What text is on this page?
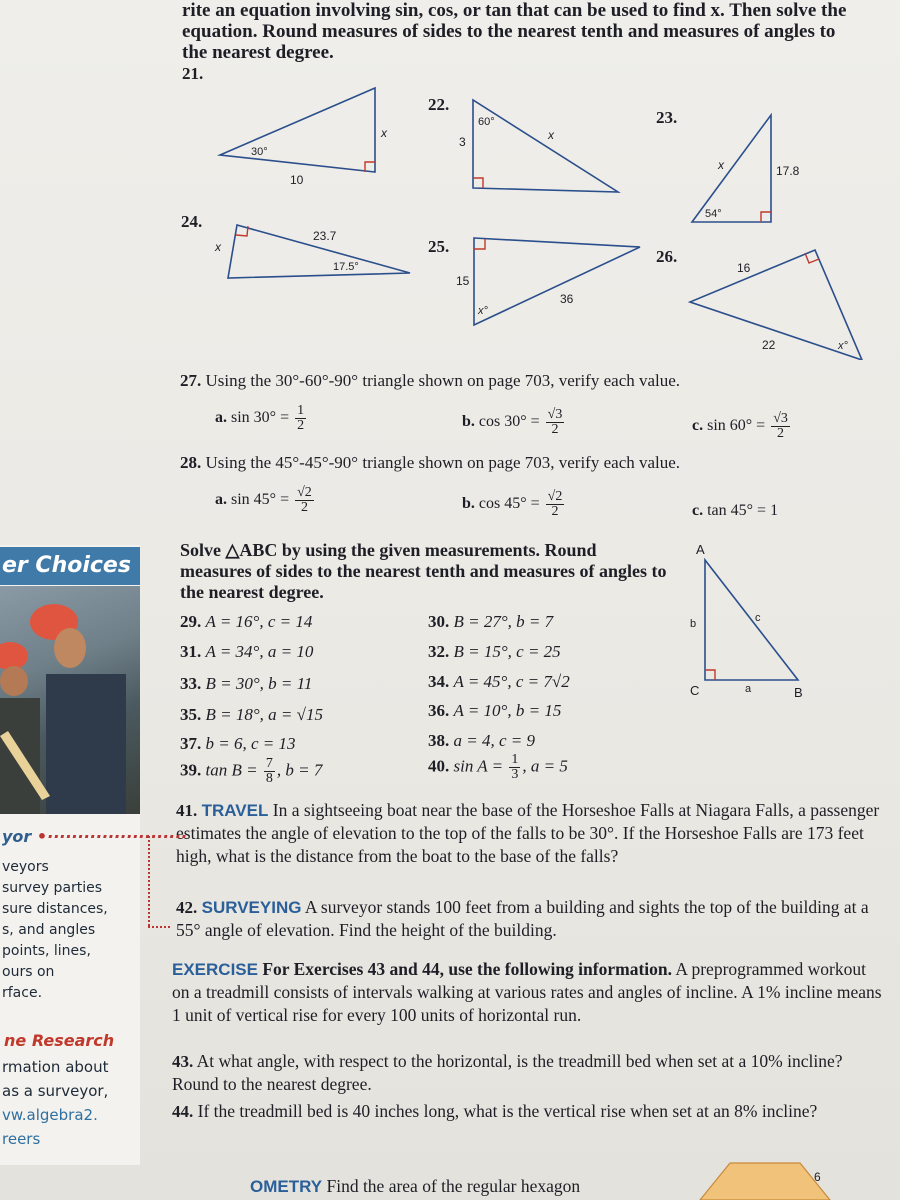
rite an equation involving sin, cos, or tan that can be used to find x. Then solve the equation. Round measures of sides to the nearest tenth and measures of angles to the nearest degree.
21.
30°
10
x
22.
60°
3	x
23.
54°
x	17.8
24.
17.5°
23.7
x	25.
x°
15
36
26.
x°
16
22
27. Using the 30°-60°-90° triangle shown on page 703, verify each value.
a. $\sin 30^\circ = \frac{1}{2}$	b. $\cos 30^\circ = \frac{√3}{2}$	c. $\sin 60^\circ = \frac{√3}{2}$
28. Using the 45°-45°-90° triangle shown on page 703, verify each value.
a. $\sin 45^\circ = \frac{√2}{2}$	b. $\cos 45^\circ = \frac{√2}{2}$	c. tan 45° = 1
Solve △ABC by using the given measurements. Round measures of sides to the nearest tenth and measures of angles to the nearest degree.
A
C	B
b	c
a
29. A = 16°, c = 14	30. B = 27°, b = 7
31. A = 34°, a = 10	32. B = 15°, c = 25
33. B = 30°, b = 11	34. A = 45°, c = 7√2
35. B = 18°, a = √15	36. A = 10°, b = 15
37. b = 6, c = 13	38. a = 4, c = 9
39. $\tan B = \frac{7}{8}$ , b = 7	40. $\sin A = \frac{1}{3}$ , a = 5
41. TRAVEL In a sightseeing boat near the base of the Horseshoe Falls at Niagara Falls, a passenger estimates the angle of elevation to the top of the falls to be 30°. If the Horseshoe Falls are 173 feet high, what is the distance from the boat to the base of the falls?
42. SURVEYING A surveyor stands 100 feet from a building and sights the top of the building at a 55° angle of elevation. Find the height of the building.
EXERCISE For Exercises 43 and 44, use the following information. A preprogrammed workout on a treadmill consists of intervals walking at various rates and angles of incline. A 1% incline means 1 unit of vertical rise for every 100 units of horizontal run.
43. At what angle, with respect to the horizontal, is the treadmill bed when set at a 10% incline? Round to the nearest degree.
44. If the treadmill bed is 40 inches long, what is the vertical rise when set at an 8% incline?
OMETRY Find the area of the regular hexagon	6
er Choices
yor •·······················
veyors
survey parties
sure distances,
s, and angles
points, lines,
ours on
rface.
ne Research
rmation about
as a surveyor,
vw.algebra2.
reers
